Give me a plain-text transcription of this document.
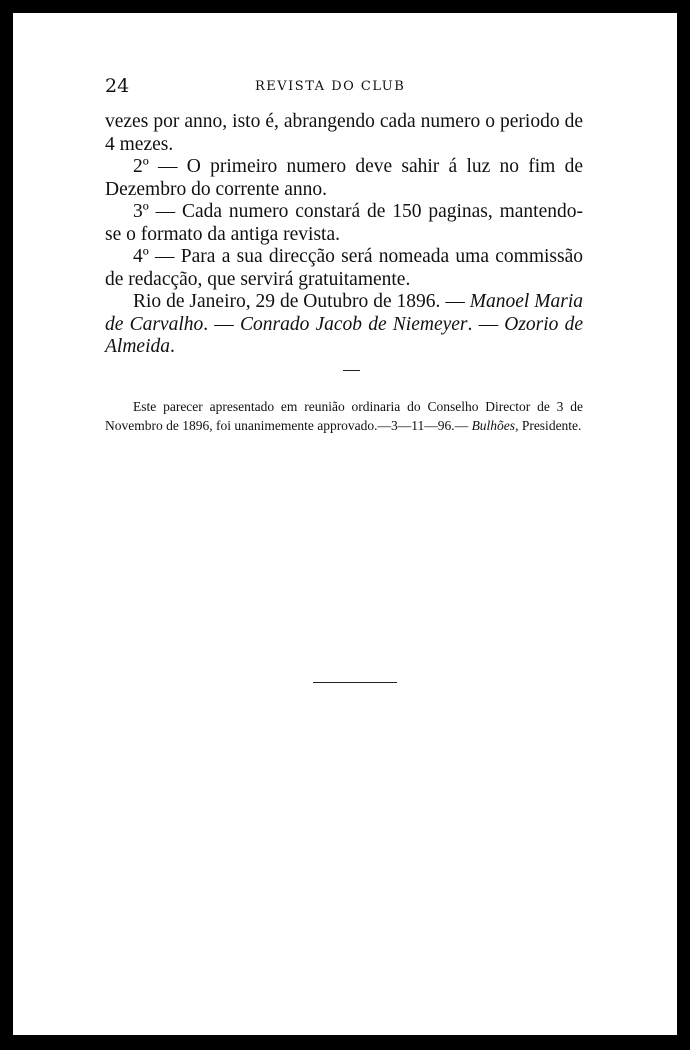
24	REVISTA DO CLUB

vezes por anno, isto é, abrangendo cada numero o periodo de 4 mezes.

2º — O primeiro numero deve sahir á luz no fim de Dezembro do corrente anno.

3º — Cada numero constará de 150 paginas, mantendo-se o formato da antiga revista.

4º — Para a sua direcção será nomeada uma commissão de redacção, que servirá gratuitamente.

Rio de Janeiro, 29 de Outubro de 1896. — Manoel Maria de Carvalho. — Conrado Jacob de Niemeyer. — Ozorio de Almeida.

Este parecer apresentado em reunião ordinaria do Conselho Director de 3 de Novembro de 1896, foi unanimemente approvado.—3—11—96.— Bulhões, Presidente.
